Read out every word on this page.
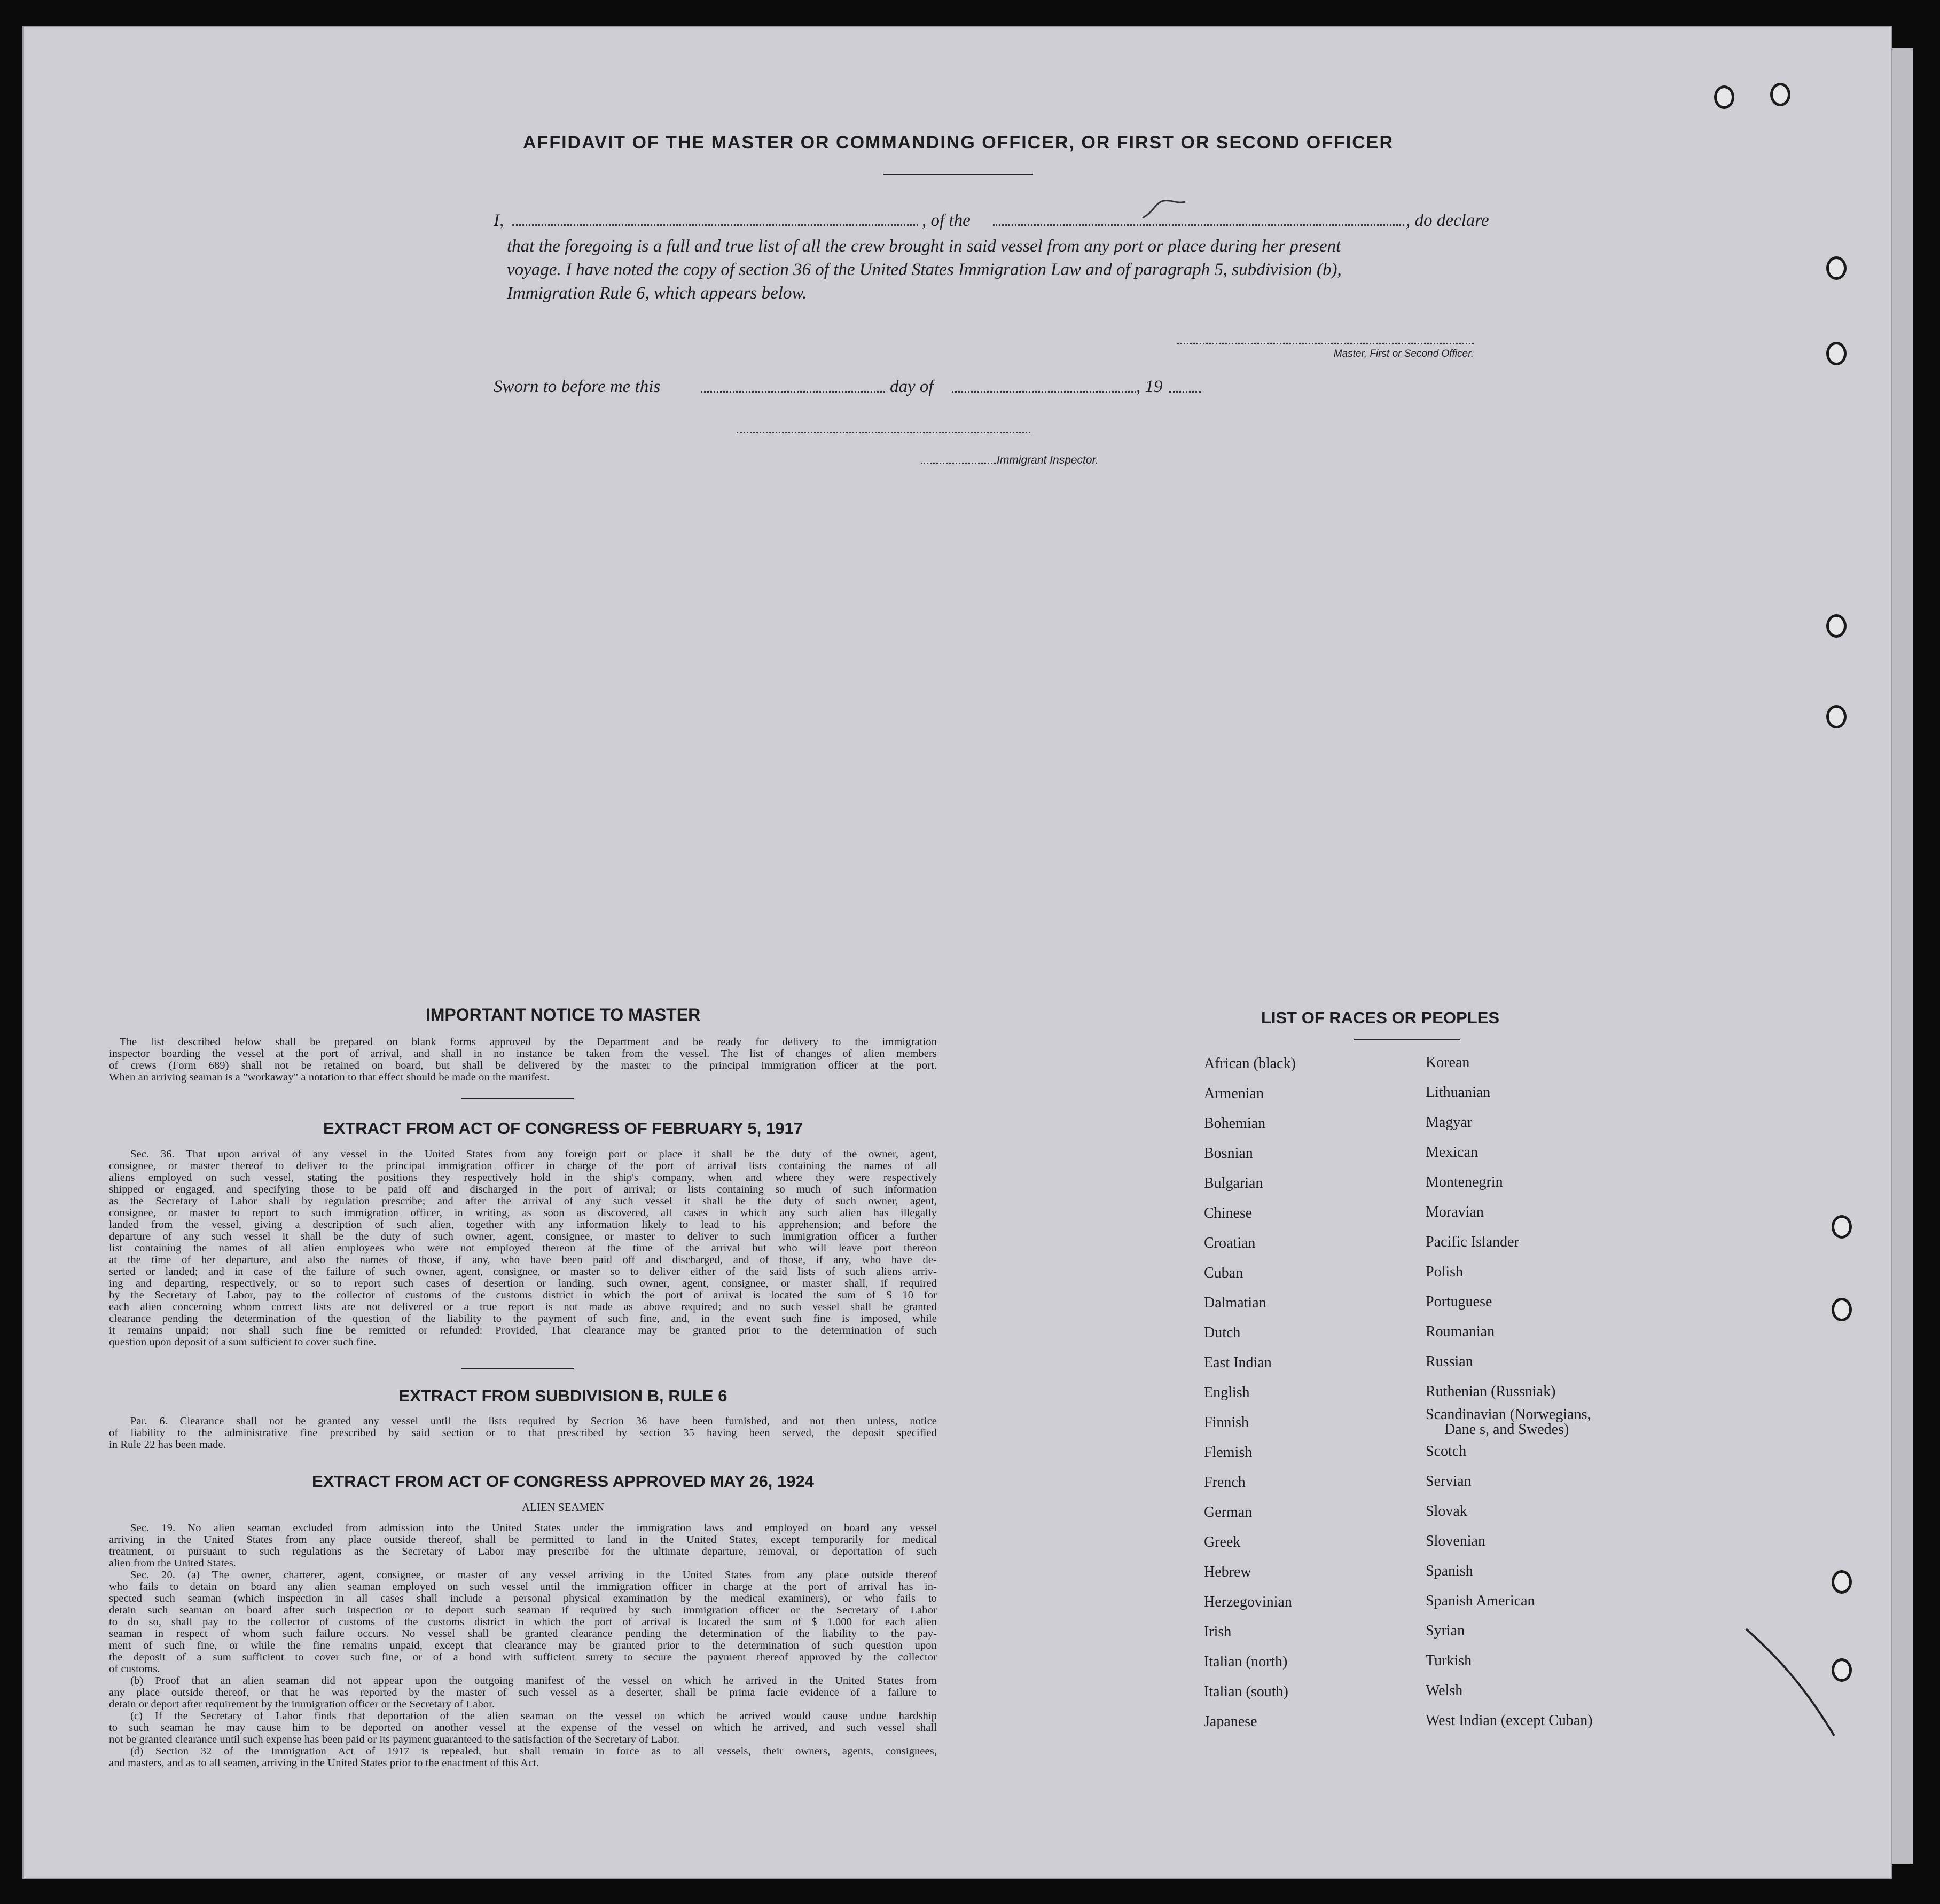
AFFIDAVIT OF THE MASTER OR COMMANDING OFFICER, OR FIRST OR SECOND OFFICER
I,	, of the	, do declare
that the foregoing is a full and true list of all the crew brought in said vessel from any port or place during her present
voyage. I have noted the copy of section 36 of the United States Immigration Law and of paragraph 5, subdivision (b),
Immigration Rule 6, which appears below.
Master, First or Second Officer.
Sworn to before me this	day of	, 19
Immigrant Inspector.
IMPORTANT NOTICE TO MASTER
The list described below shall be prepared on blank forms approved by the Department and be ready for delivery to the immigration
inspector boarding the vessel at the port of arrival, and shall in no instance be taken from the vessel. The list of changes of alien members
of crews (Form 689) shall not be retained on board, but shall be delivered by the master to the principal immigration officer at the port.
When an arriving seaman is a "workaway" a notation to that effect should be made on the manifest.
EXTRACT FROM ACT OF CONGRESS OF FEBRUARY 5, 1917
Sec. 36. That upon arrival of any vessel in the United States from any foreign port or place it shall be the duty of the owner, agent,
consignee, or master thereof to deliver to the principal immigration officer in charge of the port of arrival lists containing the names of all
aliens employed on such vessel, stating the positions they respectively hold in the ship's company, when and where they were respectively
shipped or engaged, and specifying those to be paid off and discharged in the port of arrival; or lists containing so much of such information
as the Secretary of Labor shall by regulation prescribe; and after the arrival of any such vessel it shall be the duty of such owner, agent,
consignee, or master to report to such immigration officer, in writing, as soon as discovered, all cases in which any such alien has illegally
landed from the vessel, giving a description of such alien, together with any information likely to lead to his apprehension; and before the
departure of any such vessel it shall be the duty of such owner, agent, consignee, or master to deliver to such immigration officer a further
list containing the names of all alien employees who were not employed thereon at the time of the arrival but who will leave port thereon
at the time of her departure, and also the names of those, if any, who have been paid off and discharged, and of those, if any, who have de-
serted or landed; and in case of the failure of such owner, agent, consignee, or master so to deliver either of the said lists of such aliens arriv-
ing and departing, respectively, or so to report such cases of desertion or landing, such owner, agent, consignee, or master shall, if required
by the Secretary of Labor, pay to the collector of customs of the customs district in which the port of arrival is located the sum of $ 10 for
each alien concerning whom correct lists are not delivered or a true report is not made as above required; and no such vessel shall be granted
clearance pending the determination of the question of the liability to the payment of such fine, and, in the event such fine is imposed, while
it remains unpaid; nor shall such fine be remitted or refunded: Provided, That clearance may be granted prior to the determination of such
question upon deposit of a sum sufficient to cover such fine.
EXTRACT FROM SUBDIVISION B, RULE 6
Par. 6. Clearance shall not be granted any vessel until the lists required by Section 36 have been furnished, and not then unless, notice
of liability to the administrative fine prescribed by said section or to that prescribed by section 35 having been served, the deposit specified
in Rule 22 has been made.
EXTRACT FROM ACT OF CONGRESS APPROVED MAY 26, 1924
ALIEN SEAMEN
Sec. 19. No alien seaman excluded from admission into the United States under the immigration laws and employed on board any vessel
arriving in the United States from any place outside thereof, shall be permitted to land in the United States, except temporarily for medical
treatment, or pursuant to such regulations as the Secretary of Labor may prescribe for the ultimate departure, removal, or deportation of such
alien from the United States.
Sec. 20. (a) The owner, charterer, agent, consignee, or master of any vessel arriving in the United States from any place outside thereof
who fails to detain on board any alien seaman employed on such vessel until the immigration officer in charge at the port of arrival has in-
spected such seaman (which inspection in all cases shall include a personal physical examination by the medical examiners), or who fails to
detain such seaman on board after such inspection or to deport such seaman if required by such immigration officer or the Secretary of Labor
to do so, shall pay to the collector of customs of the customs district in which the port of arrival is located the sum of $ 1.000 for each alien
seaman in respect of whom such failure occurs. No vessel shall be granted clearance pending the determination of the liability to the pay-
ment of such fine, or while the fine remains unpaid, except that clearance may be granted prior to the determination of such question upon
the deposit of a sum sufficient to cover such fine, or of a bond with sufficient surety to secure the payment thereof approved by the collector
of customs.
(b) Proof that an alien seaman did not appear upon the outgoing manifest of the vessel on which he arrived in the United States from
any place outside thereof, or that he was reported by the master of such vessel as a deserter, shall be prima facie evidence of a failure to
detain or deport after requirement by the immigration officer or the Secretary of Labor.
(c) If the Secretary of Labor finds that deportation of the alien seaman on the vessel on which he arrived would cause undue hardship
to such seaman he may cause him to be deported on another vessel at the expense of the vessel on which he arrived, and such vessel shall
not be granted clearance until such expense has been paid or its payment guaranteed to the satisfaction of the Secretary of Labor.
(d) Section 32 of the Immigration Act of 1917 is repealed, but shall remain in force as to all vessels, their owners, agents, consignees,
and masters, and as to all seamen, arriving in the United States prior to the enactment of this Act.
LIST OF RACES OR PEOPLES
African (black)
Armenian
Bohemian
Bosnian
Bulgarian
Chinese
Croatian
Cuban
Dalmatian
Dutch
East Indian
English
Finnish
Flemish
French
German
Greek
Hebrew
Herzegovinian
Irish
Italian (north)
Italian (south)
Japanese
Korean
Lithuanian
Magyar
Mexican
Montenegrin
Moravian
Pacific Islander
Polish
Portuguese
Roumanian
Russian
Ruthenian (Russniak)
Scandinavian (Norwegians,
Dane s, and Swedes)
Scotch
Servian
Slovak
Slovenian
Spanish
Spanish American
Syrian
Turkish
Welsh
West Indian (except Cuban)
